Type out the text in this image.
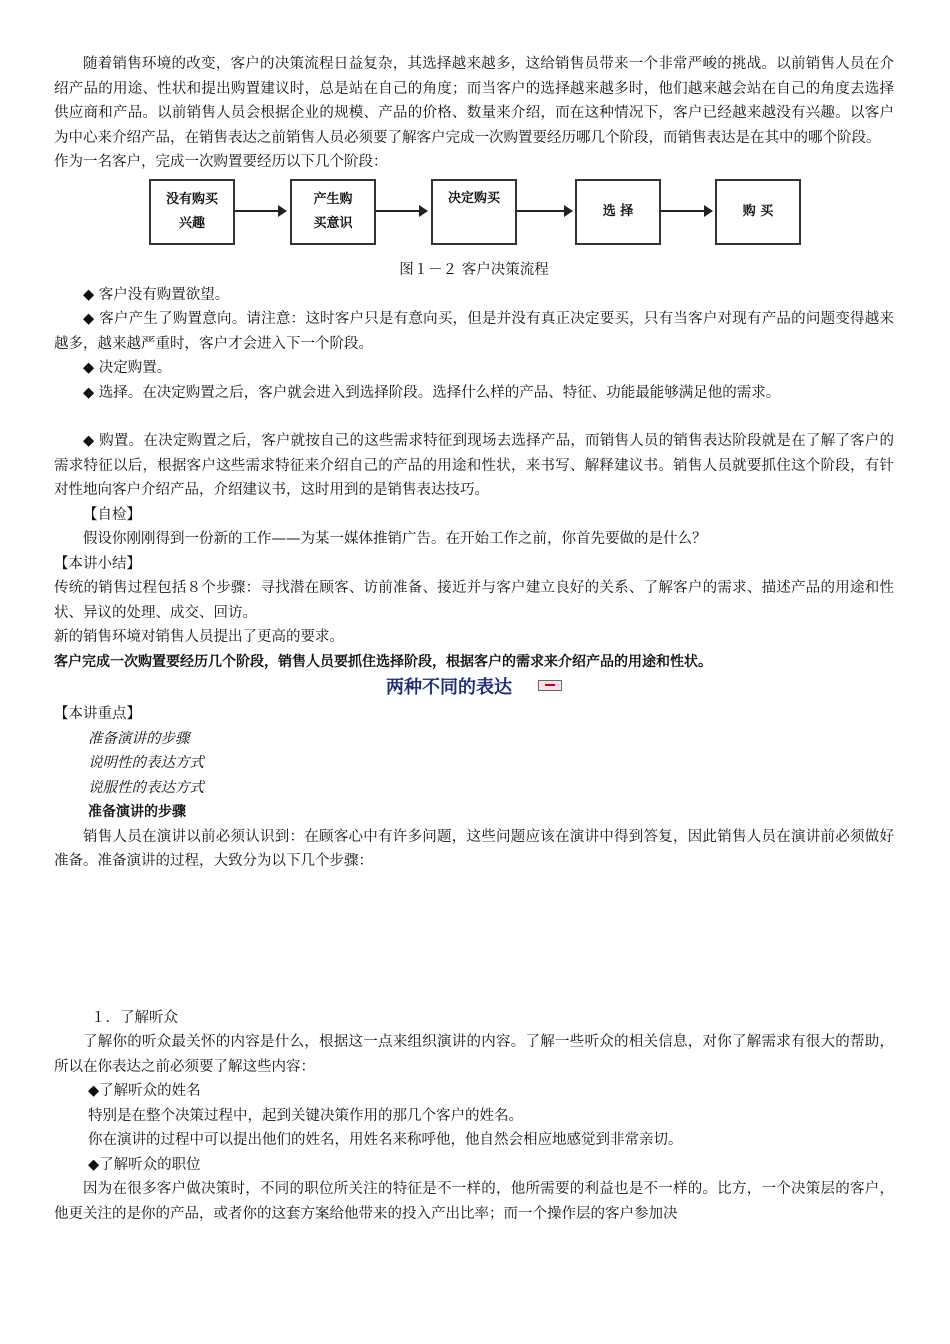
随着销售环境的改变，客户的决策流程日益复杂，其选择越来越多，这给销售员带来一个非常严峻的挑战。以前销售人员在介绍产品的用途、性状和提出购置建议时，总是站在自己的角度；而当客户的选择越来越多时，他们越来越会站在自己的角度去选择供应商和产品。以前销售人员会根据企业的规模、产品的价格、数量来介绍，而在这种情况下，客户已经越来越没有兴趣。以客户为中心来介绍产品，在销售表达之前销售人员必须要了解客户完成一次购置要经历哪几个阶段，而销售表达是在其中的哪个阶段。

作为一名客户，完成一次购置要经历以下几个阶段：

没有购买
兴趣
产生购
买意识
决定购买
选 择	购 买
图１－２ 客户决策流程

◆ 客户没有购置欲望。

◆ 客户产生了购置意向。请注意：这时客户只是有意向买，但是并没有真正决定要买，只有当客户对现有产品的问题变得越来越多，越来越严重时，客户才会进入下一个阶段。

◆ 决定购置。

◆ 选择。在决定购置之后，客户就会进入到选择阶段。选择什么样的产品、特征、功能最能够满足他的需求。

◆ 购置。在决定购置之后，客户就按自己的这些需求特征到现场去选择产品，而销售人员的销售表达阶段就是在了解了客户的需求特征以后，根据客户这些需求特征来介绍自己的产品的用途和性状，来书写、解释建议书。销售人员就要抓住这个阶段，有针对性地向客户介绍产品，介绍建议书，这时用到的是销售表达技巧。

【自检】

假设你刚刚得到一份新的工作——为某一媒体推销广告。在开始工作之前，你首先要做的是什么？

【本讲小结】

传统的销售过程包括８个步骤：寻找潜在顾客、访前准备、接近并与客户建立良好的关系、了解客户的需求、描述产品的用途和性状、异议的处理、成交、回访。

新的销售环境对销售人员提出了更高的要求。

客户完成一次购置要经历几个阶段，销售人员要抓住选择阶段，根据客户的需求来介绍产品的用途和性状。

两种不同的表达

【本讲重点】

准备演讲的步骤

说明性的表达方式

说服性的表达方式

准备演讲的步骤

销售人员在演讲以前必须认识到：在顾客心中有许多问题，这些问题应该在演讲中得到答复，因此销售人员在演讲前必须做好准备。准备演讲的过程，大致分为以下几个步骤：

１．了解听众

了解你的听众最关怀的内容是什么，根据这一点来组织演讲的内容。了解一些听众的相关信息，对你了解需求有很大的帮助，所以在你表达之前必须要了解这些内容：

◆了解听众的姓名

特别是在整个决策过程中，起到关键决策作用的那几个客户的姓名。

你在演讲的过程中可以提出他们的姓名，用姓名来称呼他，他自然会相应地感觉到非常亲切。

◆了解听众的职位

因为在很多客户做决策时，不同的职位所关注的特征是不一样的，他所需要的利益也是不一样的。比方，一个决策层的客户，他更关注的是你的产品，或者你的这套方案给他带来的投入产出比率；而一个操作层的客户参加决
